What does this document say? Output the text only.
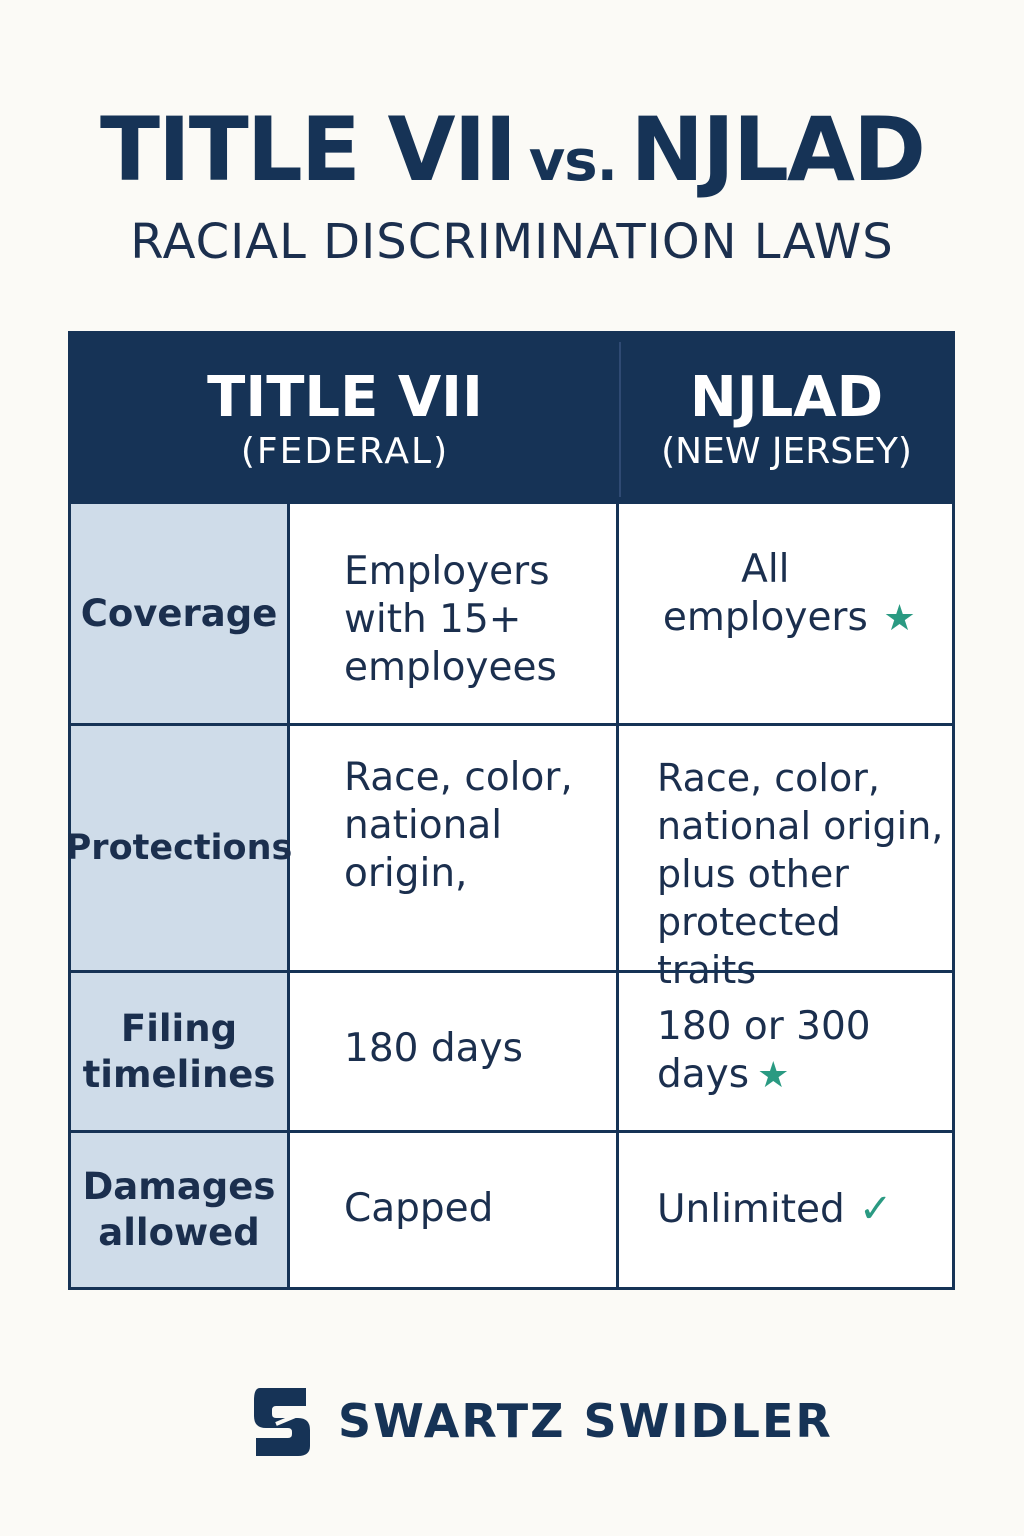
TITLE VII vs. NJLAD
RACIAL DISCRIMINATION LAWS
TITLE VII
(FEDERAL)
NJLAD
(NEW JERSEY)
Coverage
Employers with 15+ employees
All employers ★
Protections
Race, color, national origin,
Race, color, national origin, plus other protected traits
Filing timelines
180 days	180 or 300 days ★
Damages allowed
Capped	Unlimited ✓
SWARTZ SWIDLER
